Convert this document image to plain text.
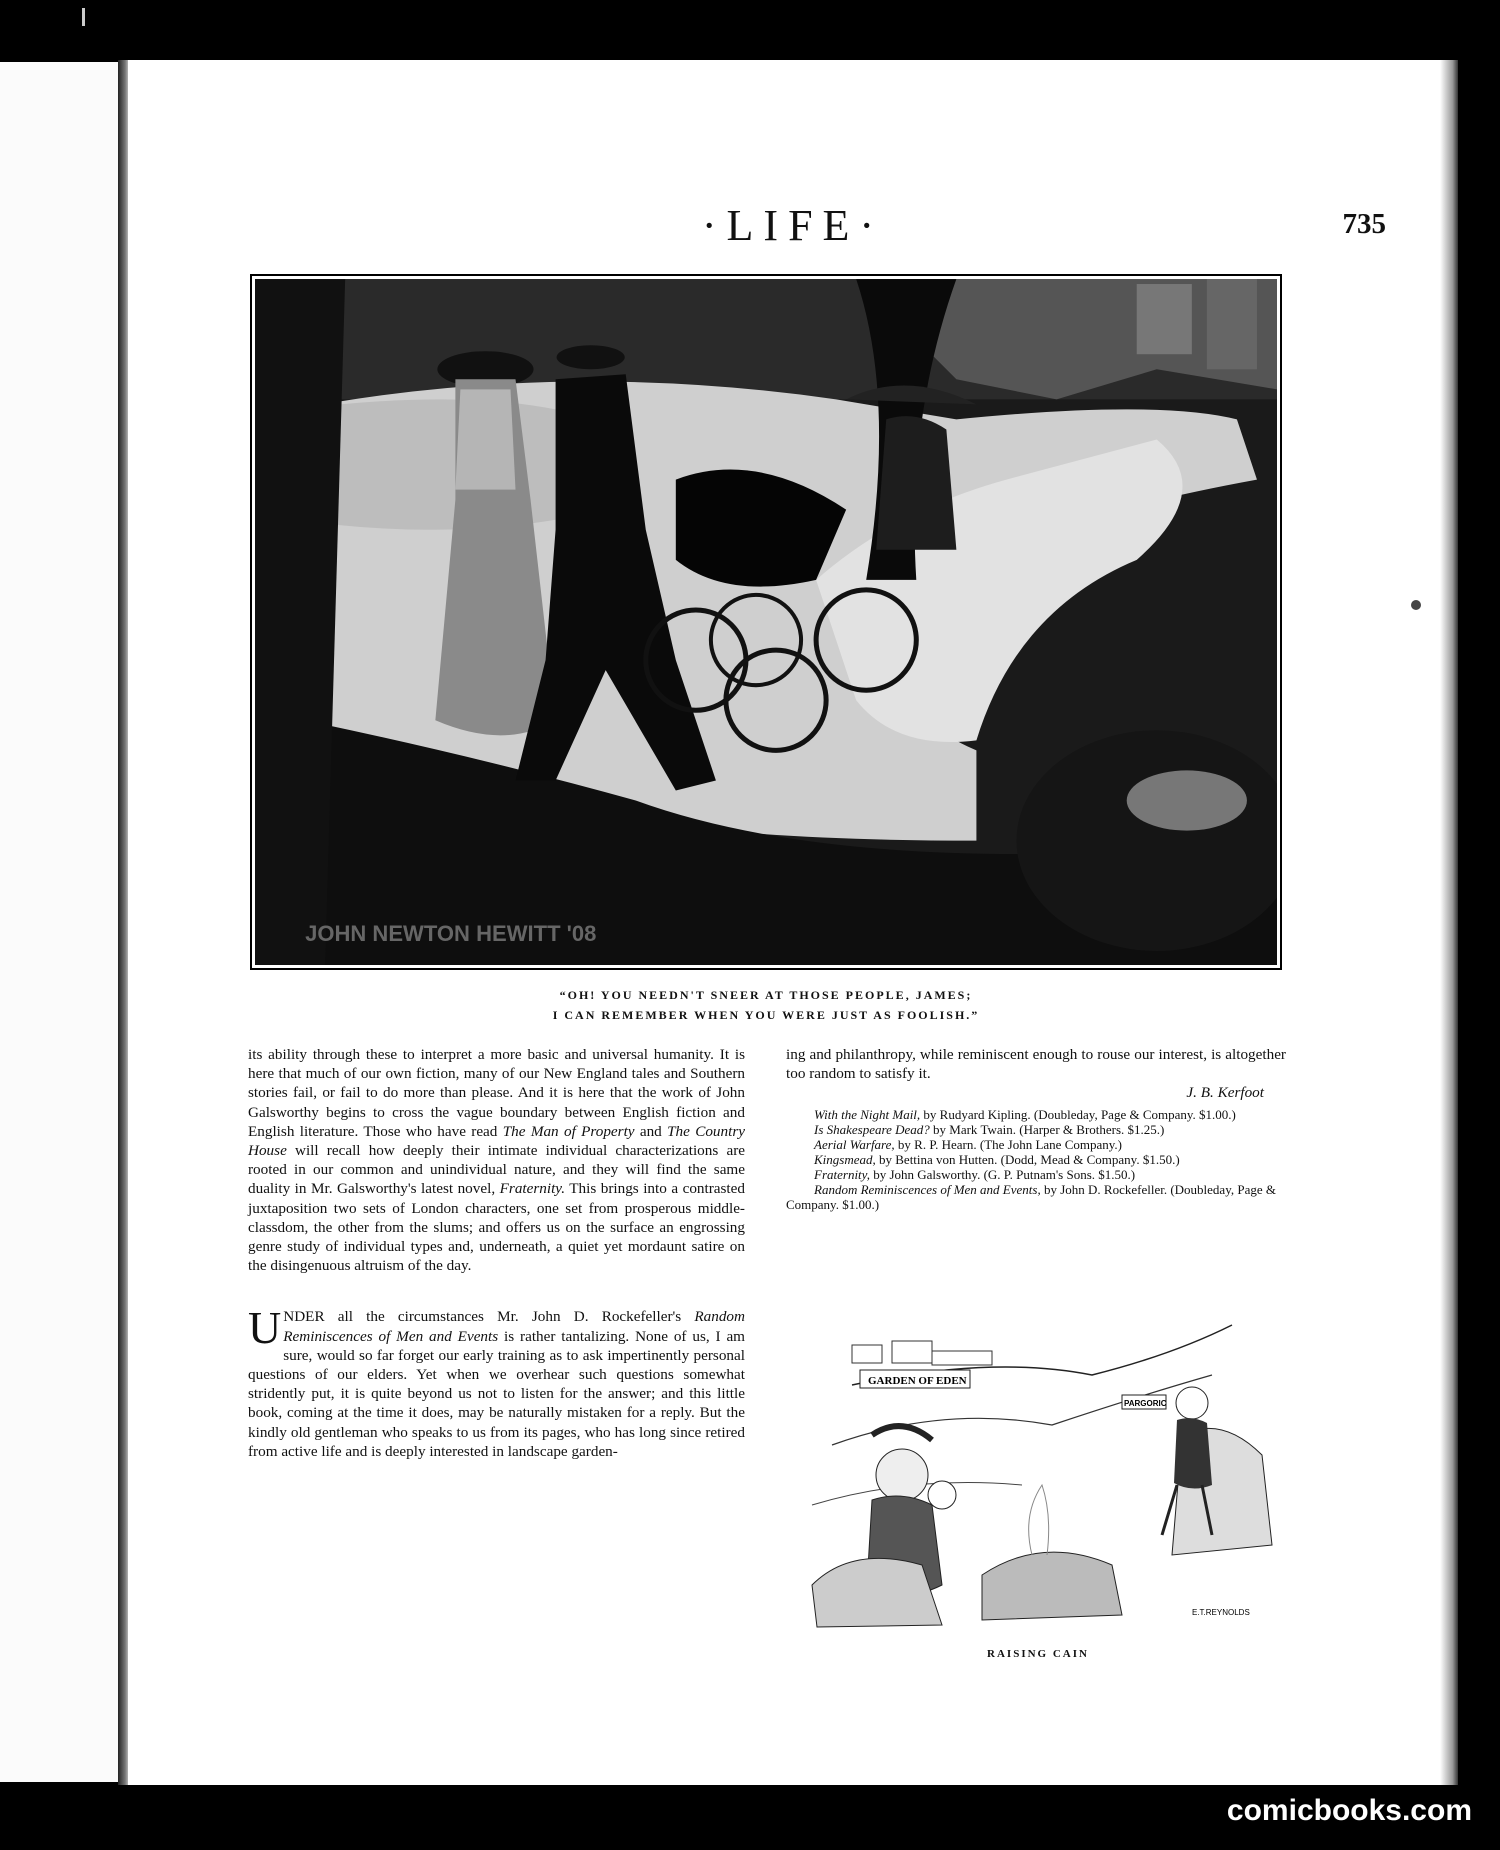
·LIFE·	735
JOHN NEWTON HEWITT '08
“OH! YOU NEEDN'T SNEER AT THOSE PEOPLE, JAMES;
I CAN REMEMBER WHEN YOU WERE JUST AS FOOLISH.”

its ability through these to interpret a more basic and universal humanity. It is here that much of our own fiction, many of our New England tales and Southern stories fail, or fail to do more than please. And it is here that the work of John Galsworthy begins to cross the vague boundary between English fiction and English literature. Those who have read The Man of Property and The Country House will recall how deeply their intimate individual characterizations are rooted in our common and unindividual nature, and they will find the same duality in Mr. Galsworthy's latest novel, Fraternity. This brings into a contrasted juxtaposition two sets of London characters, one set from prosperous middle-classdom, the other from the slums; and offers us on the surface an engrossing genre study of individual types and, underneath, a quiet yet mordaunt satire on the disingenuous altruism of the day.

UNDER all the circumstances Mr. John D. Rockefeller's Random Reminiscences of Men and Events is rather tantalizing. None of us, I am sure, would so far forget our early training as to ask impertinently personal questions of our elders. Yet when we overhear such questions somewhat stridently put, it is quite beyond us not to listen for the answer; and this little book, coming at the time it does, may be naturally mistaken for a reply. But the kindly old gentleman who speaks to us from its pages, who has long since retired from active life and is deeply interested in landscape garden-

ing and philanthropy, while reminiscent enough to rouse our interest, is altogether too random to satisfy it.

J. B. Kerfoot

With the Night Mail, by Rudyard Kipling. (Doubleday, Page & Company. $1.00.)
Is Shakespeare Dead? by Mark Twain. (Harper & Brothers. $1.25.)
Aerial Warfare, by R. P. Hearn. (The John Lane Company.)
Kingsmead, by Bettina von Hutten. (Dodd, Mead & Company. $1.50.)
Fraternity, by John Galsworthy. (G. P. Putnam's Sons. $1.50.)
Random Reminiscences of Men and Events, by John D. Rockefeller. (Doubleday, Page & Company. $1.00.)
GARDEN OF EDEN
PARGORIC
E.T.REYNOLDS
RAISING CAIN
comicbooks.com
